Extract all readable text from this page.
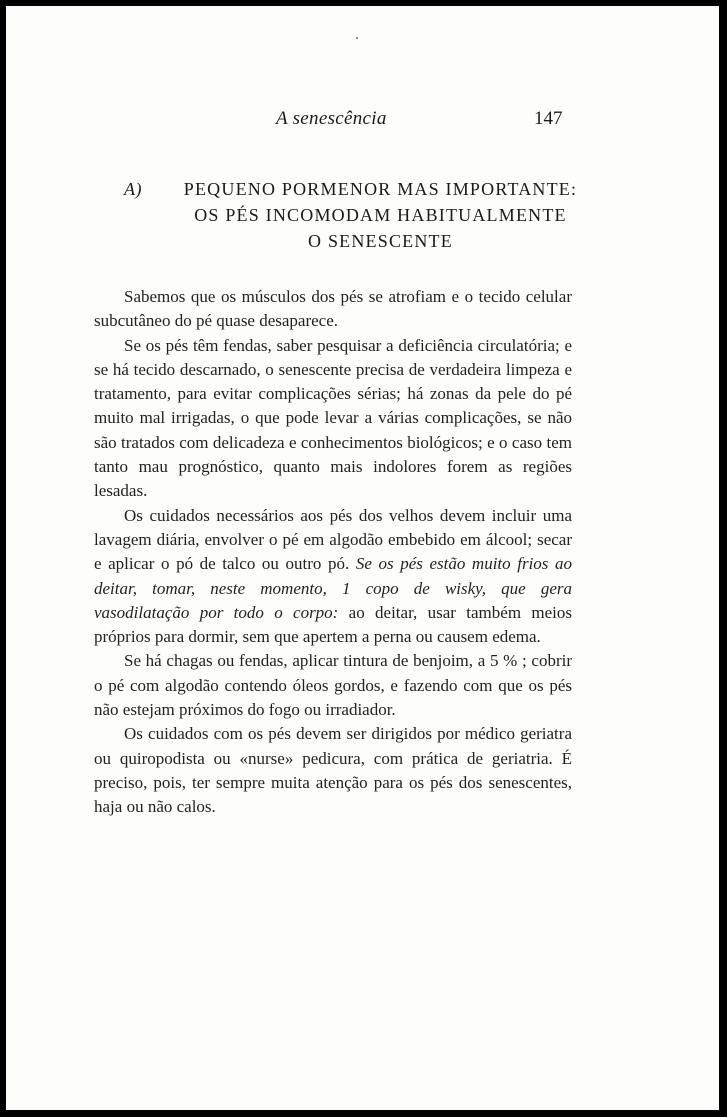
A senescência	147
A)	PEQUENO PORMENOR MAS IMPORTANTE:
OS PÉS INCOMODAM HABITUALMENTE
O SENESCENTE

Sabemos que os músculos dos pés se atrofiam e o tecido celular subcutâneo do pé quase desaparece.

Se os pés têm fendas, saber pesquisar a deficiência circulatória; e se há tecido descarnado, o senescente precisa de verdadeira limpeza e tratamento, para evitar complicações sérias; há zonas da pele do pé muito mal irrigadas, o que pode levar a várias complicações, se não são tratados com delicadeza e conhecimentos biológicos; e o caso tem tanto mau prognóstico, quanto mais indolores forem as regiões lesadas.

Os cuidados necessários aos pés dos velhos devem incluir uma lavagem diária, envolver o pé em algodão embebido em álcool; secar e aplicar o pó de talco ou outro pó. Se os pés estão muito frios ao deitar, tomar, neste momento, 1 copo de wisky, que gera vasodilatação por todo o corpo: ao deitar, usar também meios próprios para dormir, sem que apertem a perna ou causem edema.

Se há chagas ou fendas, aplicar tintura de benjoim, a 5 % ; cobrir o pé com algodão contendo óleos gordos, e fazendo com que os pés não estejam próximos do fogo ou irradiador.

Os cuidados com os pés devem ser dirigidos por médico geriatra ou quiropodista ou «nurse» pedicura, com prática de geriatria. É preciso, pois, ter sempre muita atenção para os pés dos senescentes, haja ou não calos.
